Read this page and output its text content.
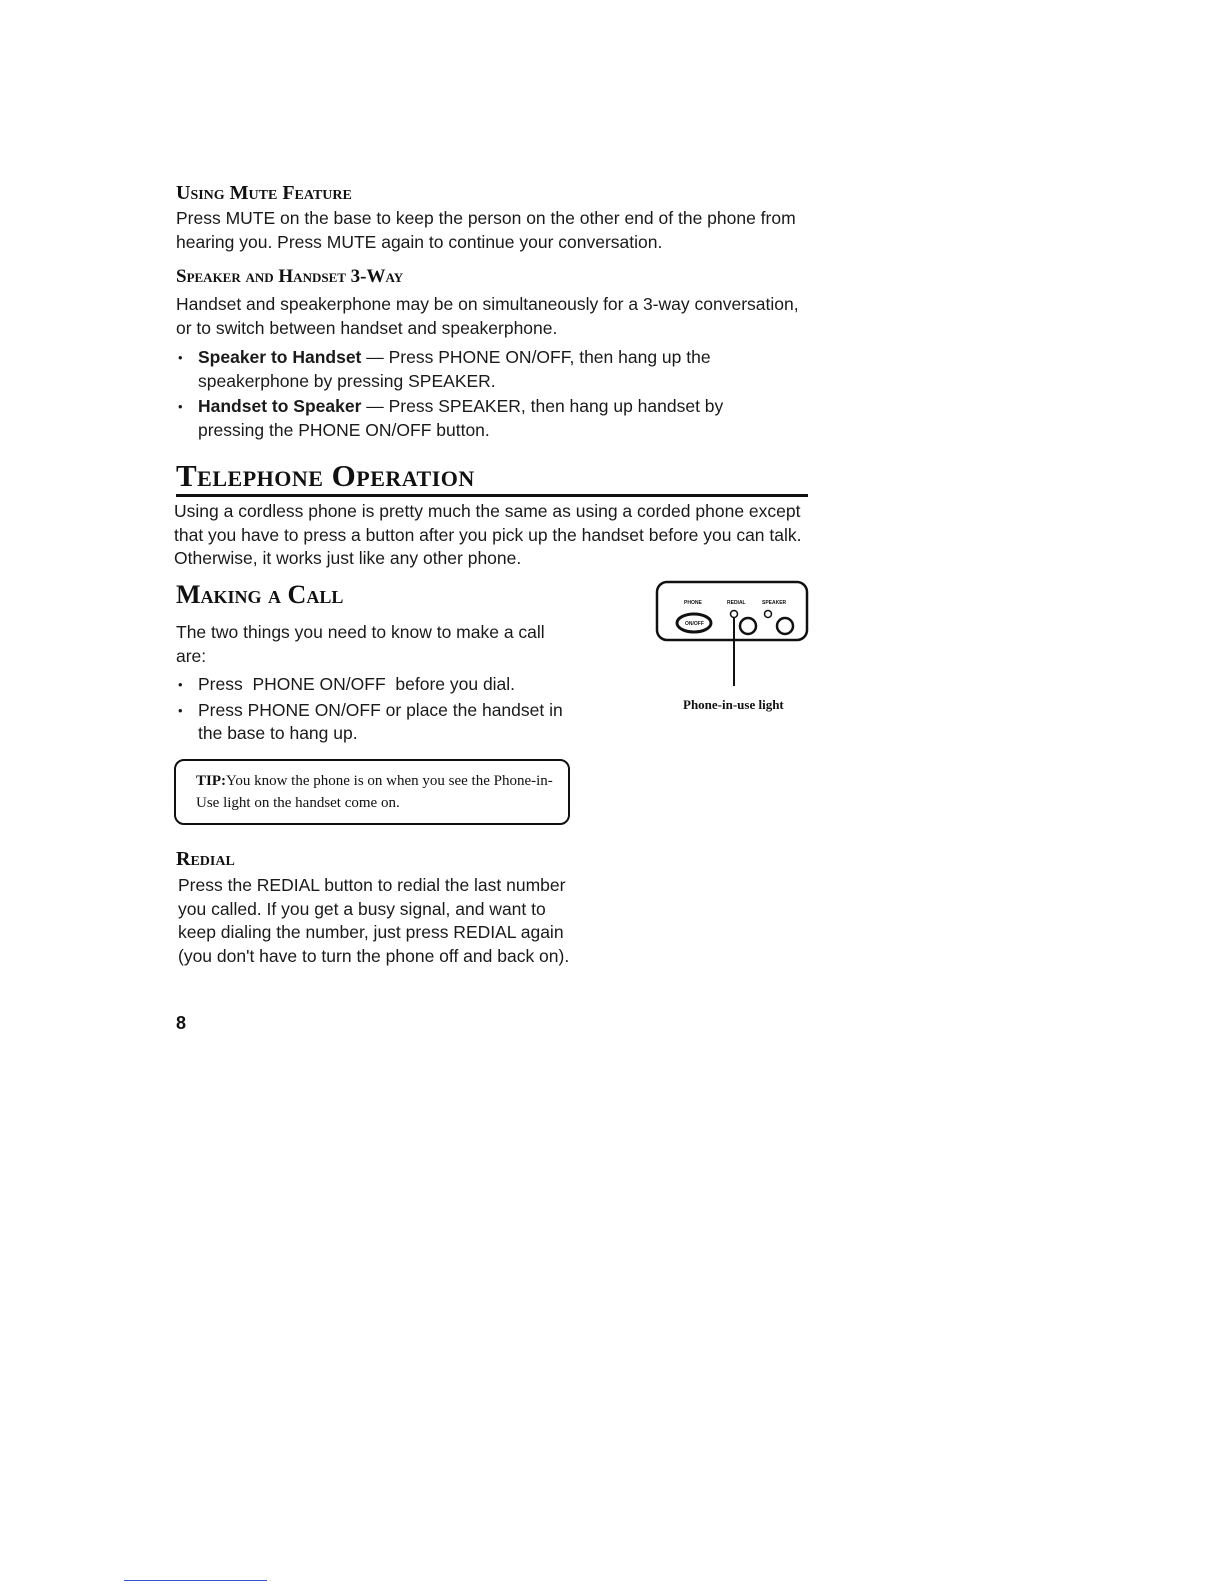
Using Mute Feature

Press MUTE on the base to keep the person on the other end of the phone from hearing you. Press MUTE again to continue your conversation.

Speaker and Handset 3-Way

Handset and speakerphone may be on simultaneously for a 3-way conversation, or to switch between handset and speakerphone.

• Speaker to Handset — Press PHONE ON/OFF, then hang up the speakerphone by pressing SPEAKER.
• Handset to Speaker — Press SPEAKER, then hang up handset by pressing the PHONE ON/OFF button.
Telephone Operation

Using a cordless phone is pretty much the same as using a corded phone except that you have to press a button after you pick up the handset before you can talk. Otherwise, it works just like any other phone.

Making a Call

The two things you need to know to make a call are:

• Press  PHONE ON/OFF  before you dial.
• Press PHONE ON/OFF or place the handset in the base to hang up.
PHONE	REDIAL	SPEAKER
ON/OFF
Phone-in-use light
TIP:You know the phone is on when you see the Phone-in-Use light on the handset come on.
Redial

Press the REDIAL button to redial the last number you called. If you get a busy signal, and want to keep dialing the number, just press REDIAL again (you don't have to turn the phone off and back on).

8
